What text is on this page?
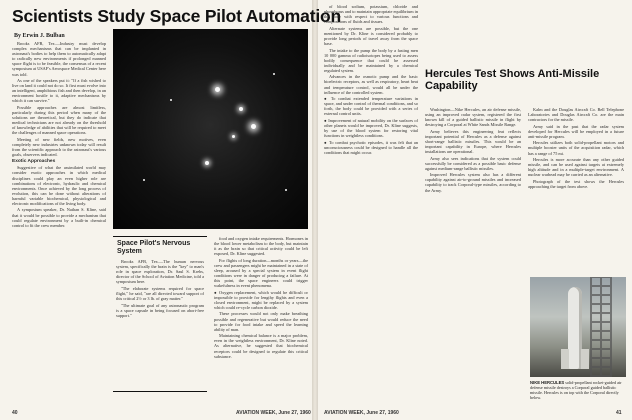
Scientists Study Space Pilot Automation
By Erwin J. Bulban

Brooks AFB, Tex.—Industry must develop complex mechanisms that can be implanted in astronaut's bodies to help them to automatically adapt to radically new environments if prolonged manned space flight is to be feasible, the consensus of a recent symposium at USAF's Aerospace Medical Center here was told.

As one of the speakers put it: "If a fish wished to live on land it could not do so. It first must evolve into an intelligent, amphibious fish and then develop, in an environment hostile to it, adaptive mechanisms by which it can survive."

Possible approaches are almost limitless, particularly during this period when many of the solutions are theoretical, but they do indicate that medical technicians are not already on the threshold of knowledge of abilities that will be required to meet the challenges of manned space operations.

Meeting of new fields, new motives, even completely new industries unknown today will result from the scientific approach to the astronaut's various goals, observers indicated.

Exotic Approaches

Suggestive of what the assimilated world may consider exotic approaches in which medical disciplines could play an even higher role are combinations of electronic, hydraulic and chemical environments. Once achieved by the long process of evolution, this can be done without alterations of harmful variable biochemical, physiological and electronic modifications of the living body.

A symposium speaker, Dr. Nathan S. Kline, said that it would be possible to provide a mechanism that could regulate environment by a built-in chemical control to fit the crew member.

Space Pilot's Nervous System

Brooks AFB, Tex.—The human nervous system, specifically the brain is the "key" to man's role in space exploration, Dr. Saul S. Krebs, director of the School of Aviation Medicine, told a symposium here.

"The elaborate systems required for space flight," he said, "are all directed toward support of this critical 2½ or 3 lb. of gray matter."

"The ultimate goal of any astronautic program is a space capsule in being focused on abort-free support."

food and oxygen intake requirements. Hormones in the blood lower metabolism to the body, but maintain it as the brain so that critical activity could be left exposed, Dr. Kline suggested.

For flights of long duration—months or years—the crew and passengers might be maintained in a state of sleep, aroused by a special system in event flight conditions were in danger of producing a failure. At this point, the space engineers could trigger wakefulness in event phenomena.

● Oxygen replacement, which would be difficult or impossible to provide for lengthy flights and even a closed environment, might be replaced by a system which could re-cycle carbon dioxide.

These processes would not only make breathing possible and regenerative but would reduce the need to provide for food intake and speed the learning ability of man.

Maintaining chemical balance is a major problem, even in the weightless environment, Dr. Kline noted. As alternative, he suggested that biochemical receptors could be designed to regulate this critical substance.

of blood sodium, potassium, chloride and phosphorus and to maintain appropriate equilibrium in the body with respect to various functions and compositions of fluids and tissues.

Alternate systems are possible, but the one mentioned by Dr. Kline is considered probably to provide long periods of travel away from the space base.

The intake to the pump the body by a fasting men 10 000 gamma of radioisotopes being used to assess bodily consequence that could be assessed individually and be maintained by a chemical regulated system.

Advances in the osmotic pump and the basic bioelectric receptors, as well as respiratory, heart beat and temperature control, would all be under the influence of the controlled system.

● To combat extended temperature variations in space, and under control of thermal conditions, and so forth, the body could be provided with a series of external control units.

● Improvement of natural mobility on the surfaces of other planets would be improved, Dr. Kline suggests, by use of the blood system for restoring vital functions in weightless conditions.

● To combat psychotic episodes, it was felt that an unconsciousness could be designed to handle all the conditions that might occur.

Hercules Test Shows Anti-Missile Capability

Washington—Nike Hercules, an air defense missile, using an improved radar system, registered the first known kill of a guided ballistic missile in flight by destroying a Corporal at White Sands Missile Range.

Army believes this engineering feat reflects important potential of Hercules as a defense against short-range ballistic missiles. This would be an important capability in Europe, where Hercules installations are operational.

Army also sees indications that the system could successfully be considered as a possible basic defense against medium-range ballistic missiles.

Improved Hercules system also has a different capability against air-to-ground missiles and increased capability to track Corporal-type missiles, according to the Army.

Kalm and the Douglas Aircraft Co. Bell Telephone Laboratories and Douglas Aircraft Co. are the main contractors for the missile.

Army said in the past that the radar system developed for Hercules will be employed in a future anti-missile program.

Hercules utilizes both solid-propellant motors and multiple booster units of the acquisition radar, which has a range of 75 mi.

Hercules is more accurate than any other guided missile, and can be used against targets at extremely high altitude and in a multiple-target environment. A nuclear warhead may be carried as an alternative.

Photograph of the test shows the Hercules approaching the target from above.

NIKE HERCULES solid-propellant rocket-guided air defense missile destroys a Corporal guided ballistic missile. Hercules is on top with the Corporal directly below.
40	AVIATION WEEK, June 27, 1960	AVIATION WEEK, June 27, 1960	41
